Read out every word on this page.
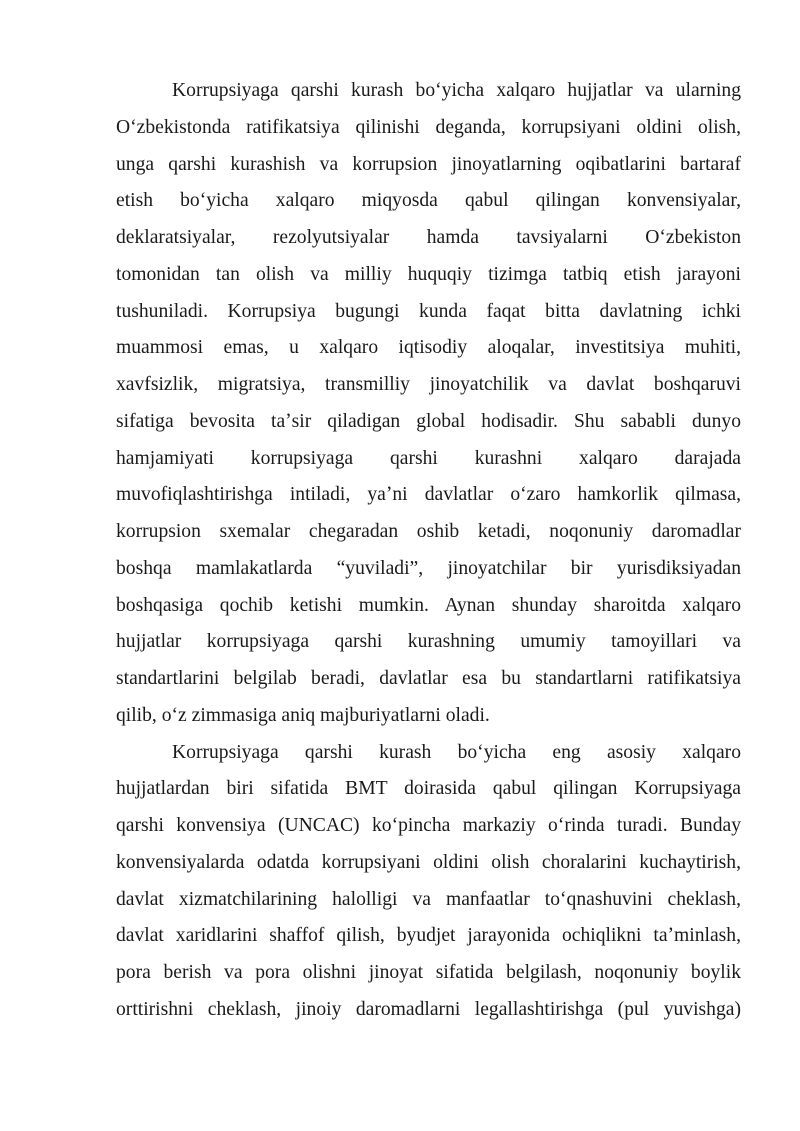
Korrupsiyaga qarshi kurash boʻyicha xalqaro hujjatlar va ularning
Oʻzbekistonda ratifikatsiya qilinishi deganda, korrupsiyani oldini olish,
unga qarshi kurashish va korrupsion jinoyatlarning oqibatlarini bartaraf
etish boʻyicha xalqaro miqyosda qabul qilingan konvensiyalar,
deklaratsiyalar, rezolyutsiyalar hamda tavsiyalarni Oʻzbekiston
tomonidan tan olish va milliy huquqiy tizimga tatbiq etish jarayoni
tushuniladi. Korrupsiya bugungi kunda faqat bitta davlatning ichki
muammosi emas, u xalqaro iqtisodiy aloqalar, investitsiya muhiti,
xavfsizlik, migratsiya, transmilliy jinoyatchilik va davlat boshqaruvi
sifatiga bevosita taʼsir qiladigan global hodisadir. Shu sababli dunyo
hamjamiyati korrupsiyaga qarshi kurashni xalqaro darajada
muvofiqlashtirishga intiladi, yaʼni davlatlar oʻzaro hamkorlik qilmasa,
korrupsion sxemalar chegaradan oshib ketadi, noqonuniy daromadlar
boshqa mamlakatlarda “yuviladi”, jinoyatchilar bir yurisdiksiyadan
boshqasiga qochib ketishi mumkin. Aynan shunday sharoitda xalqaro
hujjatlar korrupsiyaga qarshi kurashning umumiy tamoyillari va
standartlarini belgilab beradi, davlatlar esa bu standartlarni ratifikatsiya
qilib, oʻz zimmasiga aniq majburiyatlarni oladi.
Korrupsiyaga qarshi kurash boʻyicha eng asosiy xalqaro
hujjatlardan biri sifatida BMT doirasida qabul qilingan Korrupsiyaga
qarshi konvensiya (UNCAC) koʻpincha markaziy oʻrinda turadi. Bunday
konvensiyalarda odatda korrupsiyani oldini olish choralarini kuchaytirish,
davlat xizmatchilarining halolligi va manfaatlar toʻqnashuvini cheklash,
davlat xaridlarini shaffof qilish, byudjet jarayonida ochiqlikni taʼminlash,
pora berish va pora olishni jinoyat sifatida belgilash, noqonuniy boylik
orttirishni cheklash, jinoiy daromadlarni legallashtirishga (pul yuvishga)
